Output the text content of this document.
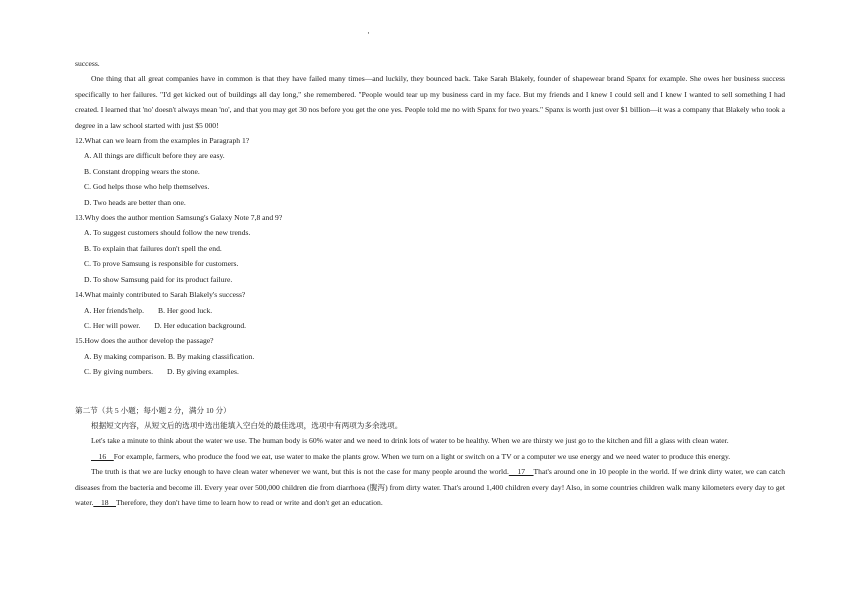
·

success.

One thing that all great companies have in common is that they have failed many times—and luckily, they bounced back. Take Sarah Blakely, founder of shapewear brand Spanx for example. She owes her business success specifically to her failures. "I'd get kicked out of buildings all day long," she remembered. "People would tear up my business card in my face. But my friends and I knew I could sell and I knew I wanted to sell something I had created. I learned that 'no' doesn't always mean 'no', and that you may get 30 nos before you get the one yes. People told me no with Spanx for two years." Spanx is worth just over $1 billion—it was a company that Blakely who took a degree in a law school started with just $5 000!

12.What can we learn from the examples in Paragraph 1?

A. All things are difficult before they are easy.

B. Constant dropping wears the stone.

C. God helps those who help themselves.

D. Two heads are better than one.

13.Why does the author mention Samsung's Galaxy Note 7,8 and 9?

A. To suggest customers should follow the new trends.

B. To explain that failures don't spell the end.

C. To prove Samsung is responsible for customers.

D. To show Samsung paid for its product failure.

14.What mainly contributed to Sarah Blakely's success?

A. Her friends'help. B. Her good luck.

C. Her will power. D. Her education background.

15.How does the author develop the passage?

A. By making comparison. B. By making classification.

C. By giving numbers. D. By giving examples.

第二节（共 5 小题；每小题 2 分，满分 10 分）

根据短文内容，从短文后的选项中选出能填入空白处的最佳选项，选项中有两项为多余选项。

Let's take a minute to think about the water we use. The human body is 60% water and we need to drink lots of water to be healthy. When we are thirsty we just go to the kitchen and fill a glass with clean water.

16    For example, farmers, who produce the food we eat, use water to make the plants grow. When we turn on a light or switch on a TV or a computer we use energy and we need water to produce this energy.

The truth is that we are lucky enough to have clean water whenever we want, but this is not the case for many people around the world.    17    That's around one in 10 people in the world. If we drink dirty water, we can catch diseases from the bacteria and become ill. Every year over 500,000 children die from diarrhoea (腹泻) from dirty water. That's around 1,400 children every day! Also, in some countries children walk many kilometers every day to get water.    18    Therefore, they don't have time to learn how to read or write and don't get an education.
